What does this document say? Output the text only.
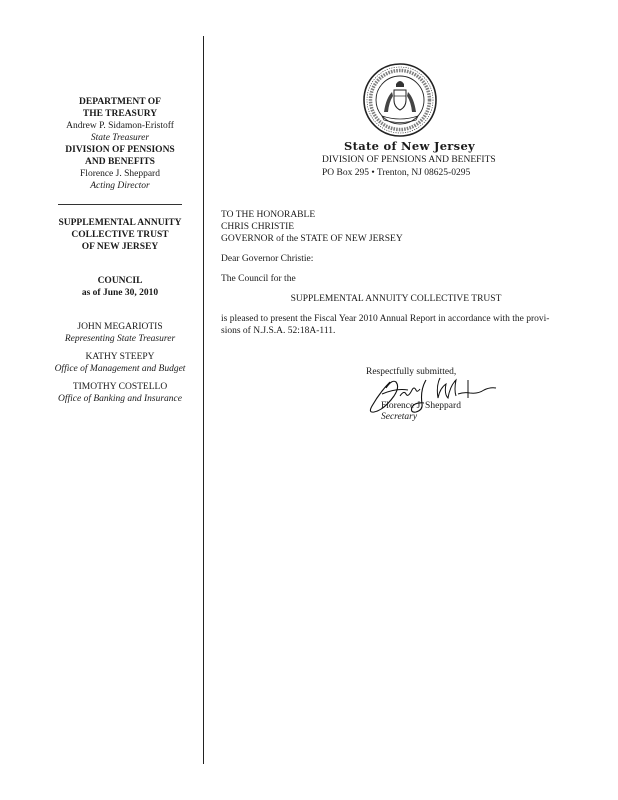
DEPARTMENT OF
THE TREASURY
Andrew P. Sidamon-Eristoff
State Treasurer
DIVISION OF PENSIONS
AND BENEFITS
Florence J. Sheppard
Acting Director
SUPPLEMENTAL ANNUITY
COLLECTIVE TRUST
OF NEW JERSEY
COUNCIL
as of June 30, 2010
JOHN MEGARIOTIS
Representing State Treasurer
KATHY STEEPY
Office of Management and Budget
TIMOTHY COSTELLO
Office of Banking and Insurance
State of New Jersey
DIVISION OF PENSIONS AND BENEFITS
PO Box 295 • Trenton, NJ 08625-0295

TO THE HONORABLE

CHRIS CHRISTIE

GOVERNOR of the STATE OF NEW JERSEY

Dear Governor Christie:

The Council for the

SUPPLEMENTAL ANNUITY COLLECTIVE TRUST

is pleased to present the Fiscal Year 2010 Annual Report in accordance with the provi-

sions of N.J.S.A. 52:18A-111.

Respectfully submitted,
Florence J. Sheppard
Secretary
